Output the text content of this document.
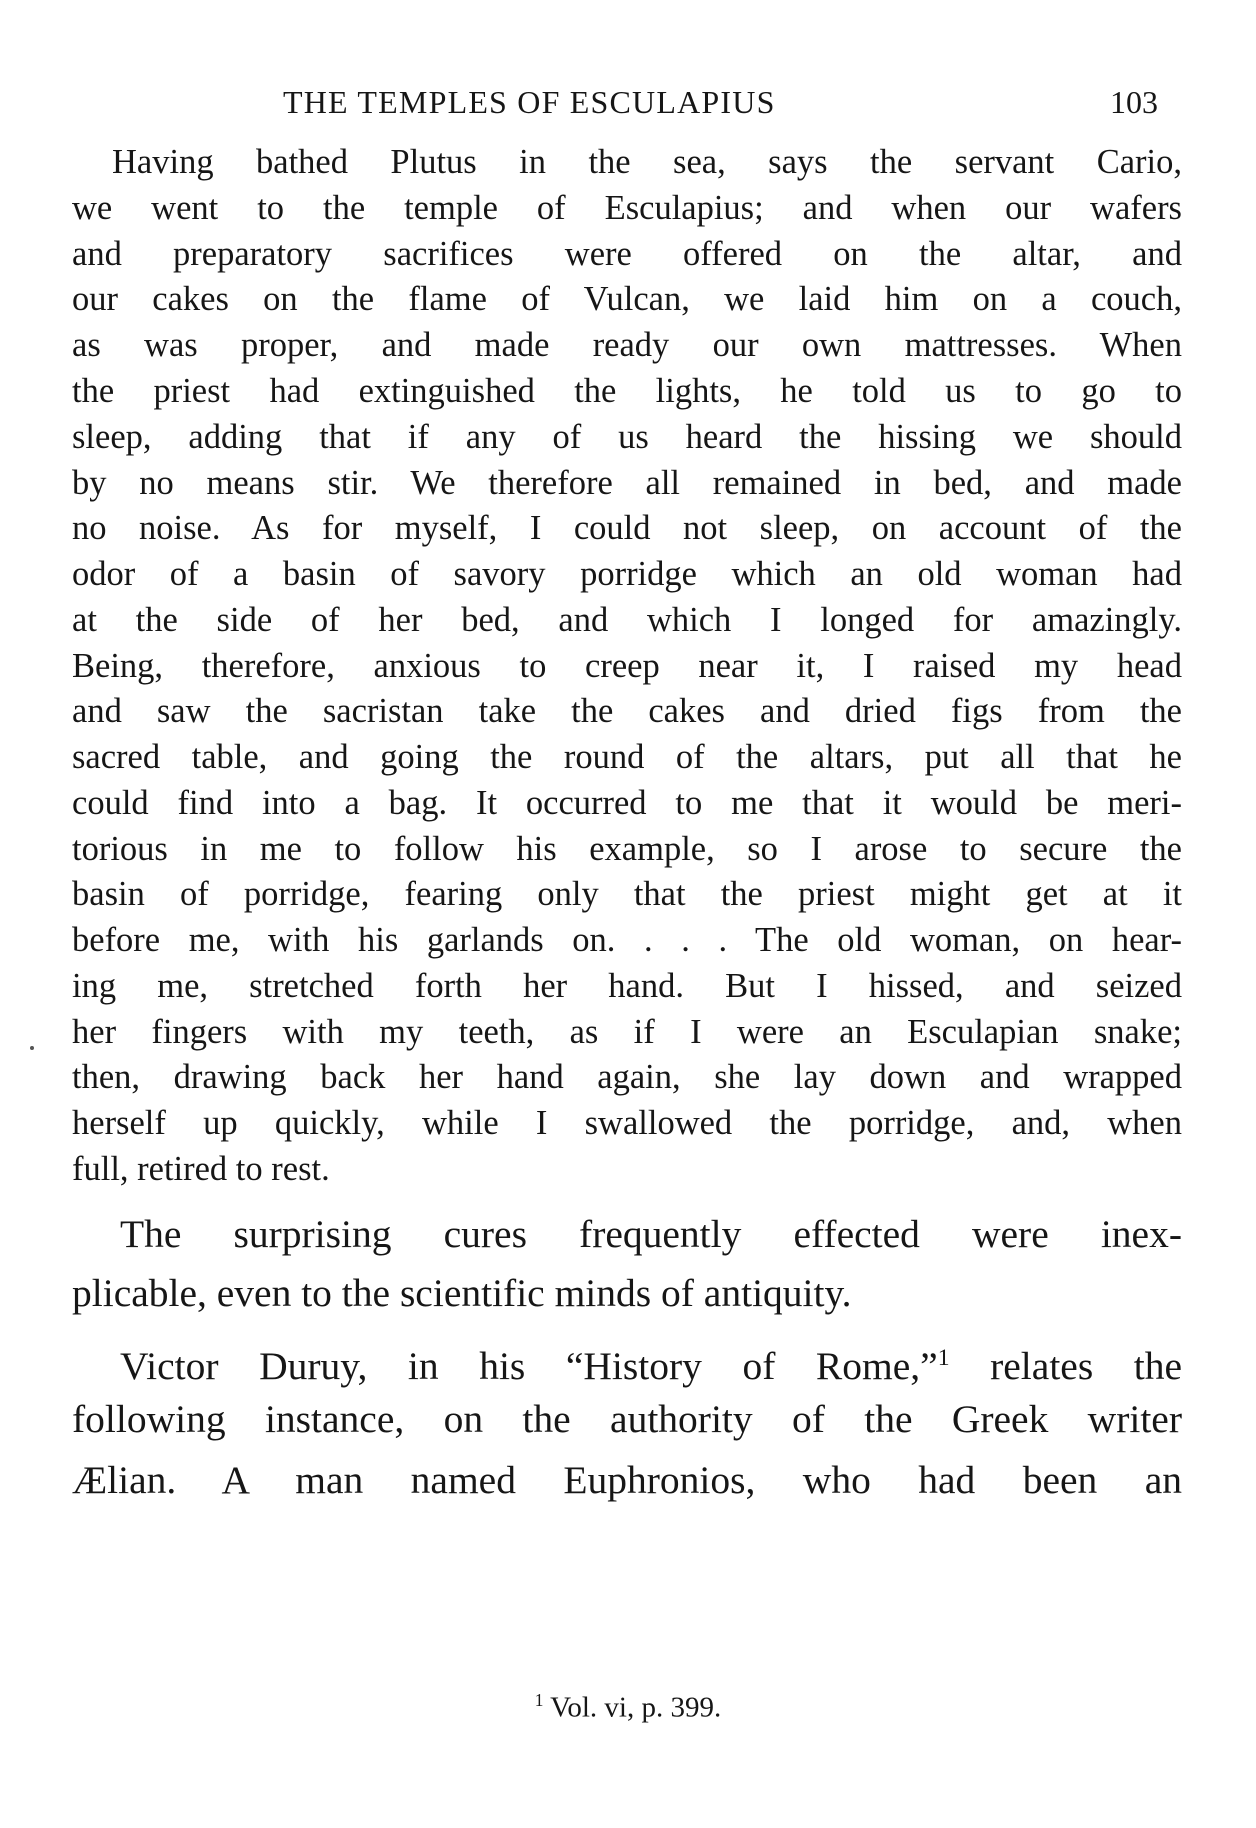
THE TEMPLES OF ESCULAPIUS	103
Having bathed Plutus in the sea, says the servant Cario,
we went to the temple of Esculapius; and when our wafers
and preparatory sacrifices were offered on the altar, and
our cakes on the flame of Vulcan, we laid him on a couch,
as was proper, and made ready our own mattresses. When
the priest had extinguished the lights, he told us to go to
sleep, adding that if any of us heard the hissing we should
by no means stir. We therefore all remained in bed, and made
no noise. As for myself, I could not sleep, on account of the
odor of a basin of savory porridge which an old woman had
at the side of her bed, and which I longed for amazingly.
Being, therefore, anxious to creep near it, I raised my head
and saw the sacristan take the cakes and dried figs from the
sacred table, and going the round of the altars, put all that he
could find into a bag. It occurred to me that it would be meri-
torious in me to follow his example, so I arose to secure the
basin of porridge, fearing only that the priest might get at it
before me, with his garlands on. . . . The old woman, on hear-
ing me, stretched forth her hand. But I hissed, and seized
her fingers with my teeth, as if I were an Esculapian snake;
then, drawing back her hand again, she lay down and wrapped
herself up quickly, while I swallowed the porridge, and, when
full, retired to rest.
The surprising cures frequently effected were inex-
plicable, even to the scientific minds of antiquity.
Victor Duruy, in his “History of Rome,”$^1$ relates the
following instance, on the authority of the Greek writer
Ælian. A man named Euphronios, who had been an
$^1$ Vol. vi, p. 399.
